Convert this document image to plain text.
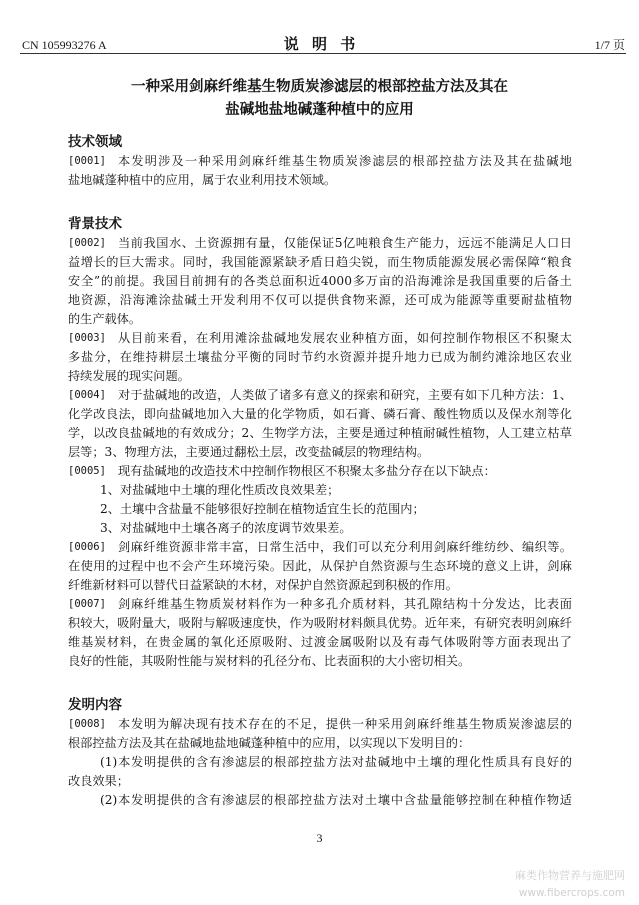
CN 105993276 A	说 明 书	1/7 页
一种采用剑麻纤维基生物质炭渗滤层的根部控盐方法及其在
盐碱地盐地碱蓬种植中的应用
技术领域
[0001] 本发明涉及一种采用剑麻纤维基生物质炭渗滤层的根部控盐方法及其在盐碱地
盐地碱蓬种植中的应用，属于农业利用技术领域。
背景技术
[0002] 当前我国水、土资源拥有量，仅能保证5亿吨粮食生产能力，远远不能满足人口日
益增长的巨大需求。同时，我国能源紧缺矛盾日趋尖锐，而生物质能源发展必需保障“粮食
安全”的前提。我国目前拥有的各类总面积近4000多万亩的沿海滩涂是我国重要的后备土
地资源，沿海滩涂盐碱土开发利用不仅可以提供食物来源，还可成为能源等重要耐盐植物
的生产载体。
[0003] 从目前来看，在利用滩涂盐碱地发展农业种植方面，如何控制作物根区不积聚太
多盐分，在维持耕层土壤盐分平衡的同时节约水资源并提升地力已成为制约滩涂地区农业
持续发展的现实问题。
[0004] 对于盐碱地的改造，人类做了诸多有意义的探索和研究，主要有如下几种方法：1、
化学改良法，即向盐碱地加入大量的化学物质，如石膏、磷石膏、酸性物质以及保水剂等化
学，以改良盐碱地的有效成分；2、生物学方法，主要是通过种植耐碱性植物，人工建立枯草
层等；3、物理方法，主要通过翻松土层，改变盐碱层的物理结构。
[0005] 现有盐碱地的改造技术中控制作物根区不积聚太多盐分存在以下缺点：
1、对盐碱地中土壤的理化性质改良效果差；
2、土壤中含盐量不能够很好控制在植物适宜生长的范围内；
3、对盐碱地中土壤各离子的浓度调节效果差。
[0006] 剑麻纤维资源非常丰富，日常生活中，我们可以充分利用剑麻纤维纺纱、编织等。
在使用的过程中也不会产生环境污染。因此，从保护自然资源与生态环境的意义上讲，剑麻
纤维新材料可以替代日益紧缺的木材，对保护自然资源起到积极的作用。
[0007] 剑麻纤维基生物质炭材料作为一种多孔介质材料，其孔隙结构十分发达，比表面
积较大，吸附量大，吸附与解吸速度快，作为吸附材料颇具优势。近年来，有研究表明剑麻纤
维基炭材料，在贵金属的氧化还原吸附、过渡金属吸附以及有毒气体吸附等方面表现出了
良好的性能，其吸附性能与炭材料的孔径分布、比表面积的大小密切相关。
发明内容
[0008] 本发明为解决现有技术存在的不足，提供一种采用剑麻纤维基生物质炭渗滤层的
根部控盐方法及其在盐碱地盐地碱蓬种植中的应用，以实现以下发明目的：
(1)本发明提供的含有渗滤层的根部控盐方法对盐碱地中土壤的理化性质具有良好的
改良效果；
(2)本发明提供的含有渗滤层的根部控盐方法对土壤中含盐量能够控制在种植作物适
3
麻类作物营养与施肥网
www.fibercrops.com
